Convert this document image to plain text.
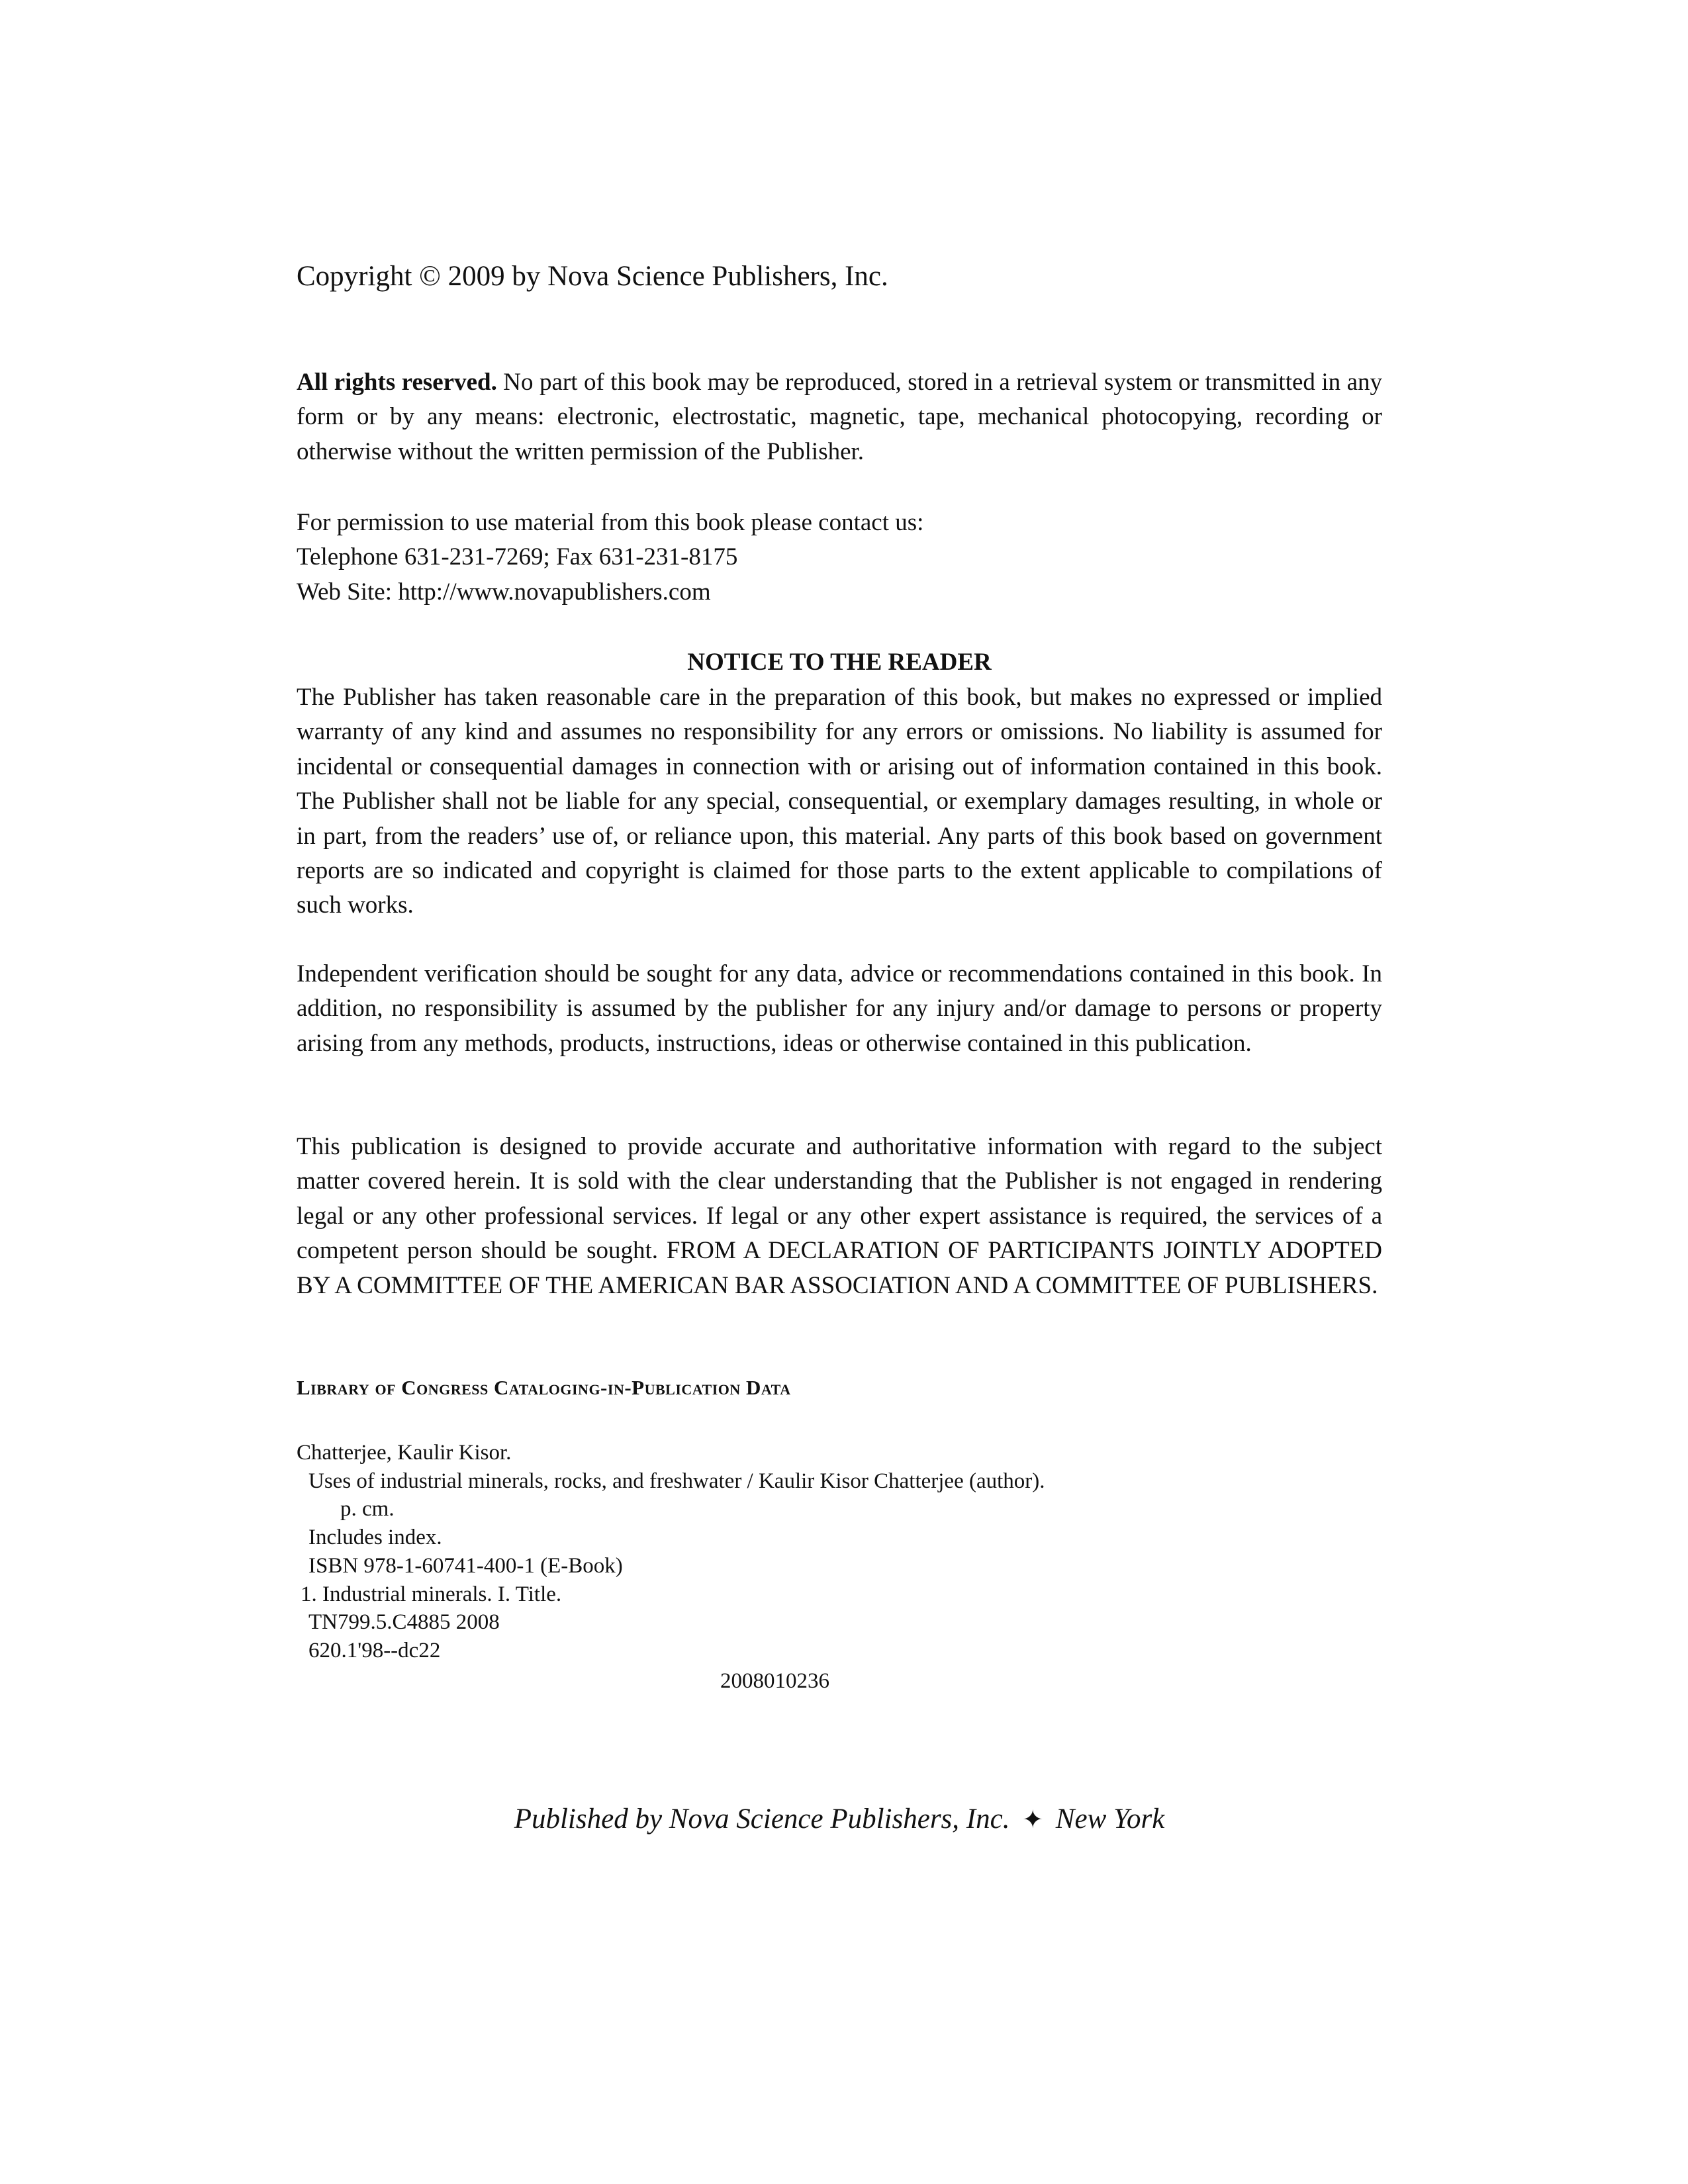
Copyright © 2009 by Nova Science Publishers, Inc.
All rights reserved. No part of this book may be reproduced, stored in a retrieval system or transmitted in any form or by any means: electronic, electrostatic, magnetic, tape, mechanical photocopying, recording or otherwise without the written permission of the Publisher.
For permission to use material from this book please contact us:
Telephone 631-231-7269; Fax 631-231-8175
Web Site: http://www.novapublishers.com
NOTICE TO THE READER
The Publisher has taken reasonable care in the preparation of this book, but makes no expressed or implied warranty of any kind and assumes no responsibility for any errors or omissions. No liability is assumed for incidental or consequential damages in connection with or arising out of information contained in this book. The Publisher shall not be liable for any special, consequential, or exemplary damages resulting, in whole or in part, from the readers’ use of, or reliance upon, this material. Any parts of this book based on government reports are so indicated and copyright is claimed for those parts to the extent applicable to compilations of such works.
Independent verification should be sought for any data, advice or recommendations contained in this book. In addition, no responsibility is assumed by the publisher for any injury and/or damage to persons or property arising from any methods, products, instructions, ideas or otherwise contained in this publication.
This publication is designed to provide accurate and authoritative information with regard to the subject matter covered herein. It is sold with the clear understanding that the Publisher is not engaged in rendering legal or any other professional services. If legal or any other expert assistance is required, the services of a competent person should be sought. FROM A DECLARATION OF PARTICIPANTS JOINTLY ADOPTED BY A COMMITTEE OF THE AMERICAN BAR ASSOCIATION AND A COMMITTEE OF PUBLISHERS.
Library of Congress Cataloging-in-Publication Data
Chatterjee, Kaulir Kisor.
Uses of industrial minerals, rocks, and freshwater / Kaulir Kisor Chatterjee (author).
p. cm.
Includes index.
ISBN 978-1-60741-400-1 (E-Book)
1. Industrial minerals. I. Title.
TN799.5.C4885 2008
620.1'98--dc22
2008010236
Published by Nova Science Publishers, Inc. ✦ New York
